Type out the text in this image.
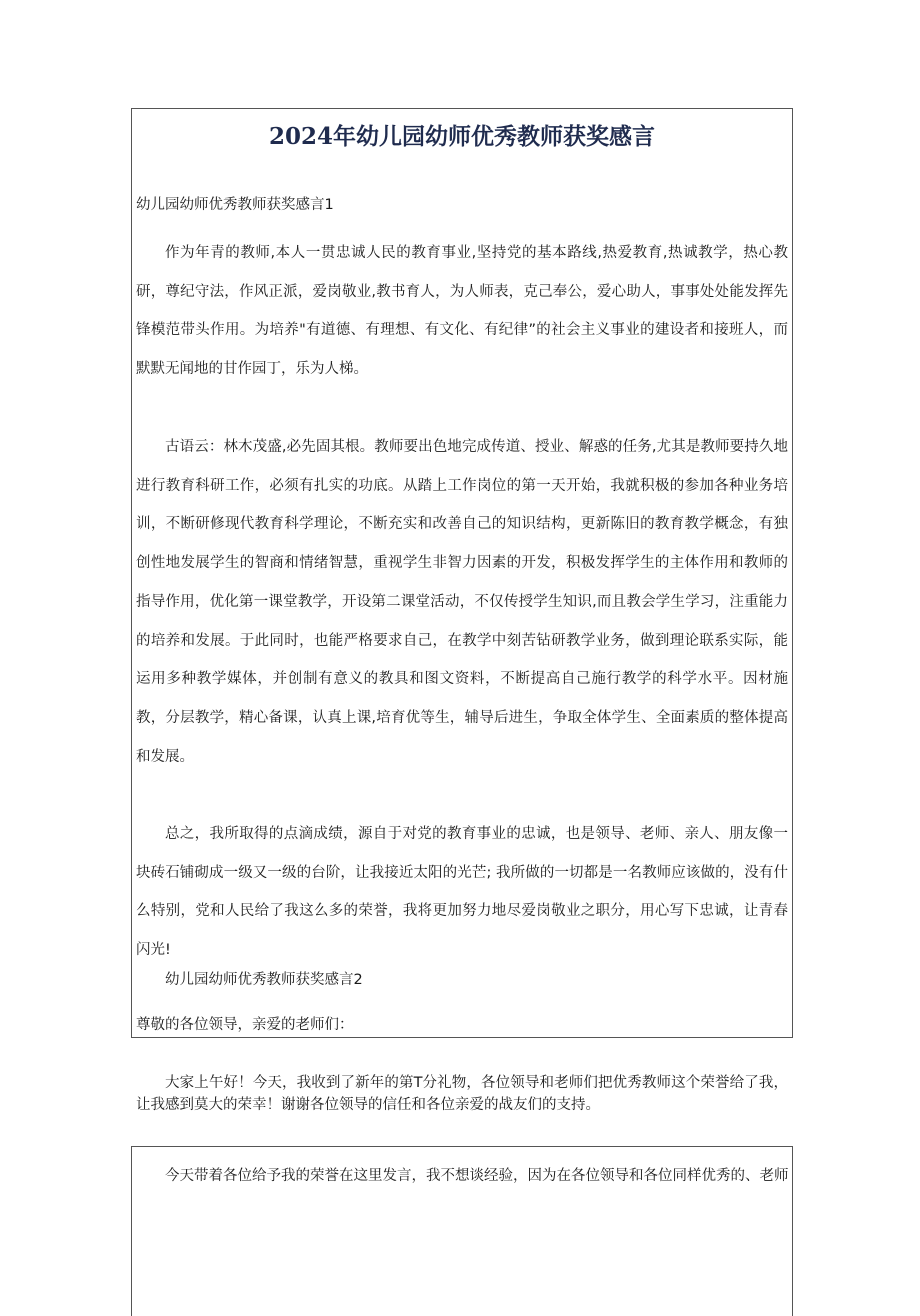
2024年幼儿园幼师优秀教师获奖感言

幼儿园幼师优秀教师获奖感言1

作为年青的教师,本人一贯忠诚人民的教育事业,坚持党的基本路线,热爱教育,热诚教学，热心教研，尊纪守法，作风正派，爱岗敬业,教书育人，为人师表，克己奉公，爱心助人，事事处处能发挥先锋模范带头作用。为培养"有道德、有理想、有文化、有纪律”的社会主义事业的建设者和接班人，而默默无闻地的甘作园丁，乐为人梯。

古语云：林木茂盛,必先固其根。教师要出色地完成传道、授业、解惑的任务,尤其是教师要持久地进行教育科研工作，必须有扎实的功底。从踏上工作岗位的第一天开始，我就积极的参加各种业务培训，不断研修现代教育科学理论，不断充实和改善自己的知识结构，更新陈旧的教育教学概念，有独创性地发展学生的智商和情绪智慧，重视学生非智力因素的开发，积极发挥学生的主体作用和教师的指导作用，优化第一课堂教学，开设第二课堂活动，不仅传授学生知识,而且教会学生学习，注重能力的培养和发展。于此同时，也能严格要求自己，在教学中刻苦钻研教学业务，做到理论联系实际，能运用多种教学媒体，并创制有意义的教具和图文资料，不断提高自己施行教学的科学水平。因材施教，分层教学，精心备课，认真上课,培育优等生，辅导后进生，争取全体学生、全面素质的整体提高和发展。

总之，我所取得的点滴成绩，源自于对党的教育事业的忠诚，也是领导、老师、亲人、朋友像一块砖石铺砌成一级又一级的台阶，让我接近太阳的光芒; 我所做的一切都是一名教师应该做的，没有什么特别，党和人民给了我这么多的荣誉，我将更加努力地尽爱岗敬业之职分，用心写下忠诚，让青春闪光!

幼儿园幼师优秀教师获奖感言2

尊敬的各位领导，亲爱的老师们：

大家上午好！今天，我收到了新年的第T分礼物，各位领导和老师们把优秀教师这个荣誉给了我，让我感到莫大的荣幸！谢谢各位领导的信任和各位亲爱的战友们的支持。

今天带着各位给予我的荣誉在这里发言，我不想谈经验，因为在各位领导和各位同样优秀的、老师
